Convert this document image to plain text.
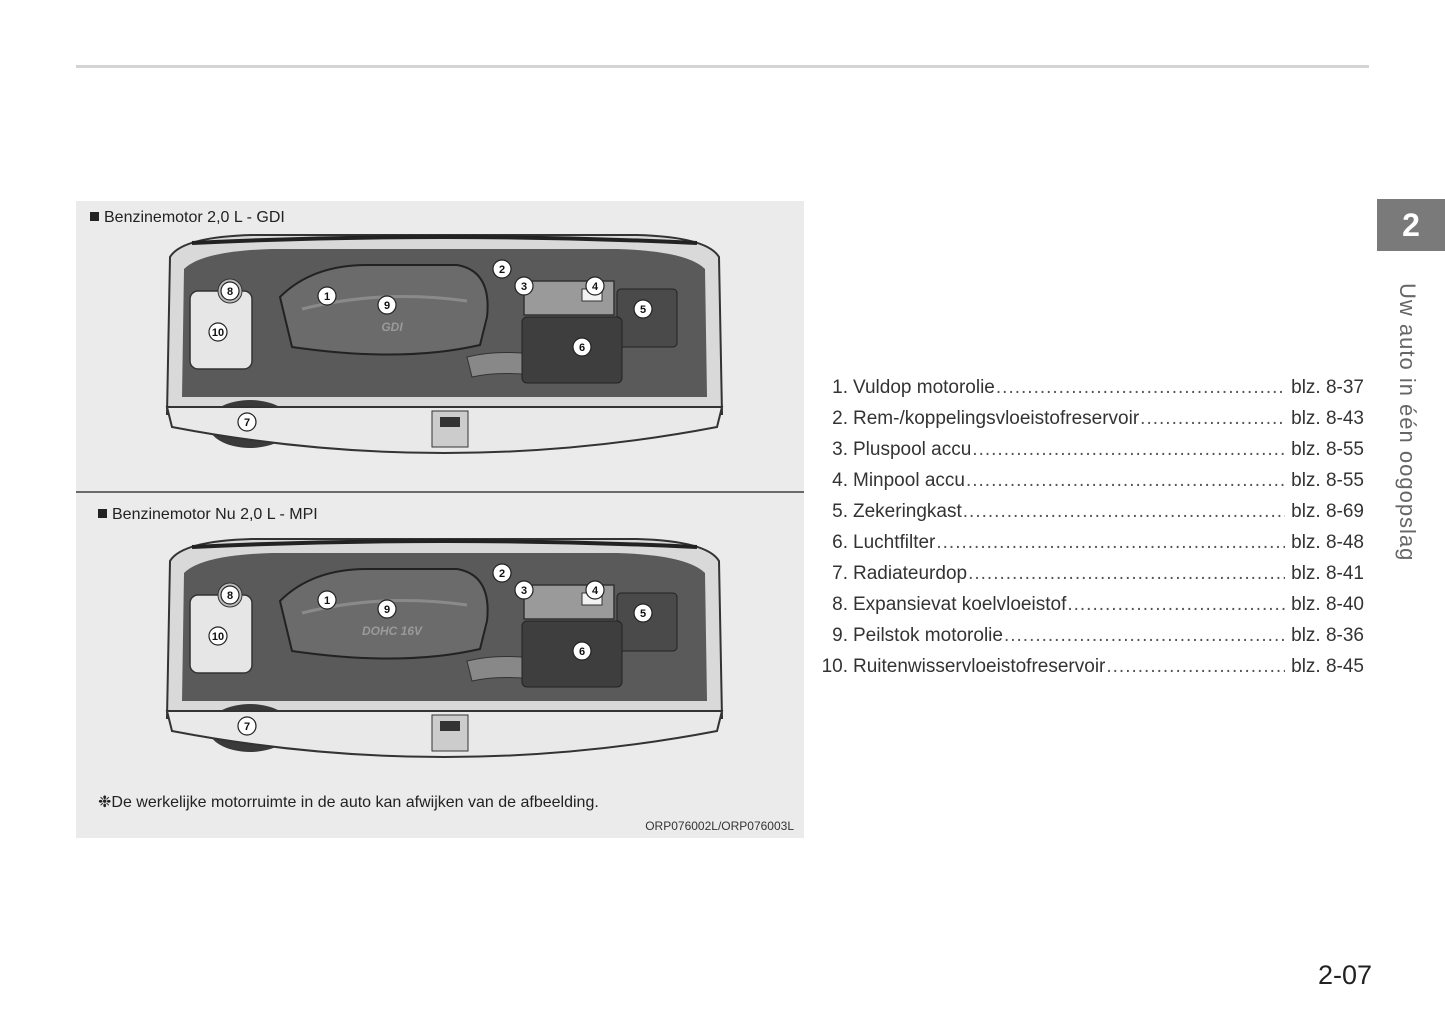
Benzinemotor 2,0 L - GDI
GDI
1
2
3	4
5
6
7
8
9
10
Benzinemotor Nu 2,0 L - MPI
DOHC 16V
1
2
3	4
5
6
7
8
9
10
❉De werkelijke motorruimte in de auto kan afwijken van de afbeelding.
ORP076002L/ORP076003L
1. Vuldop motorolie .....	blz. 8-37
2. Rem-/koppelingsvloeistofreservoir .....	blz. 8-43
3. Pluspool accu .....	blz. 8-55
4. Minpool accu .....	blz. 8-55
5. Zekeringkast .....	blz. 8-69
6. Luchtfilter .....	blz. 8-48
7. Radiateurdop .....	blz. 8-41
8. Expansievat koelvloeistof .....	blz. 8-40
9. Peilstok motorolie .....	blz. 8-36
10. Ruitenwisservloeistofreservoir .....	blz. 8-45
2
Uw auto in één oogopslag
2-07
